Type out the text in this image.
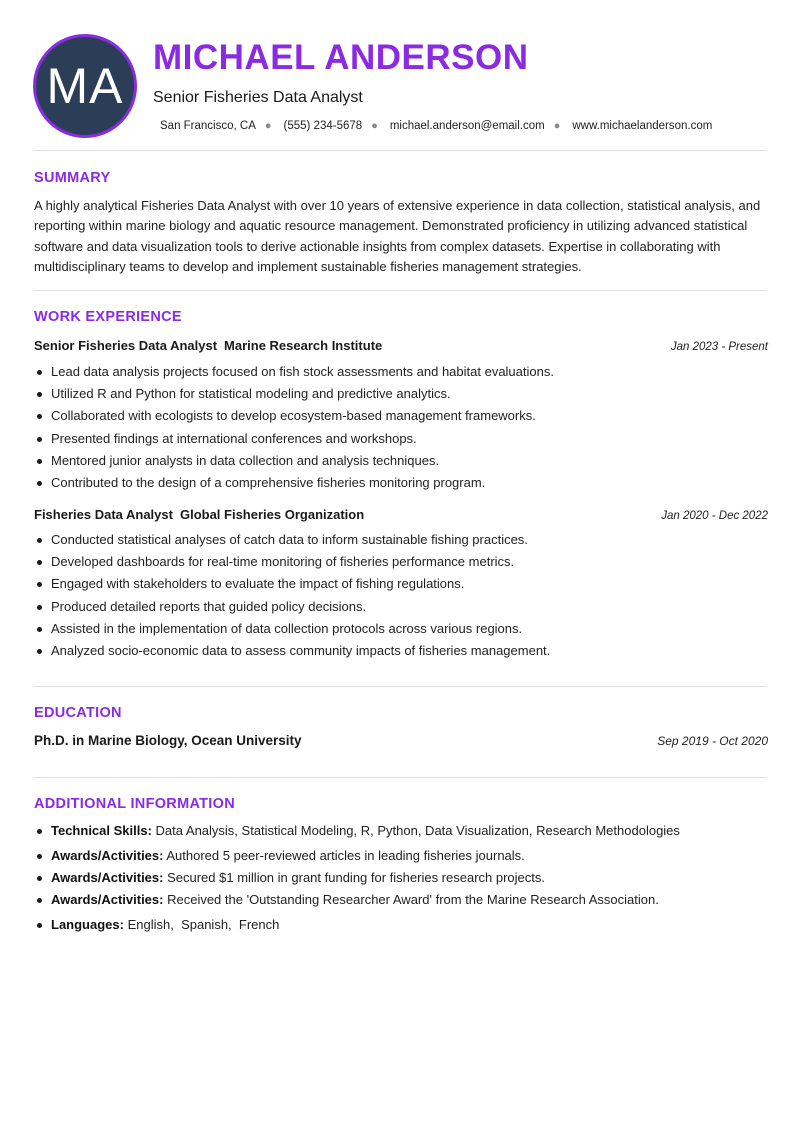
MA
MICHAEL ANDERSON
Senior Fisheries Data Analyst
San Francisco, CA ● (555) 234-5678 ● michael.anderson@email.com ● www.michaelanderson.com
SUMMARY
A highly analytical Fisheries Data Analyst with over 10 years of extensive experience in data collection, statistical analysis, and reporting within marine biology and aquatic resource management. Demonstrated proficiency in utilizing advanced statistical software and data visualization tools to derive actionable insights from complex datasets. Expertise in collaborating with multidisciplinary teams to develop and implement sustainable fisheries management strategies.
WORK EXPERIENCE
Senior Fisheries Data Analyst Marine Research Institute	Jan 2023 - Present
Lead data analysis projects focused on fish stock assessments and habitat evaluations.
Utilized R and Python for statistical modeling and predictive analytics.
Collaborated with ecologists to develop ecosystem-based management frameworks.
Presented findings at international conferences and workshops.
Mentored junior analysts in data collection and analysis techniques.
Contributed to the design of a comprehensive fisheries monitoring program.
Fisheries Data Analyst Global Fisheries Organization	Jan 2020 - Dec 2022
Conducted statistical analyses of catch data to inform sustainable fishing practices.
Developed dashboards for real-time monitoring of fisheries performance metrics.
Engaged with stakeholders to evaluate the impact of fishing regulations.
Produced detailed reports that guided policy decisions.
Assisted in the implementation of data collection protocols across various regions.
Analyzed socio-economic data to assess community impacts of fisheries management.
EDUCATION
Ph.D. in Marine Biology, Ocean University	Sep 2019 - Oct 2020
ADDITIONAL INFORMATION
Technical Skills: Data Analysis, Statistical Modeling, R, Python, Data Visualization, Research Methodologies
Awards/Activities: Authored 5 peer-reviewed articles in leading fisheries journals.
Awards/Activities: Secured $1 million in grant funding for fisheries research projects.
Awards/Activities: Received the 'Outstanding Researcher Award' from the Marine Research Association.
Languages: English,  Spanish,  French
